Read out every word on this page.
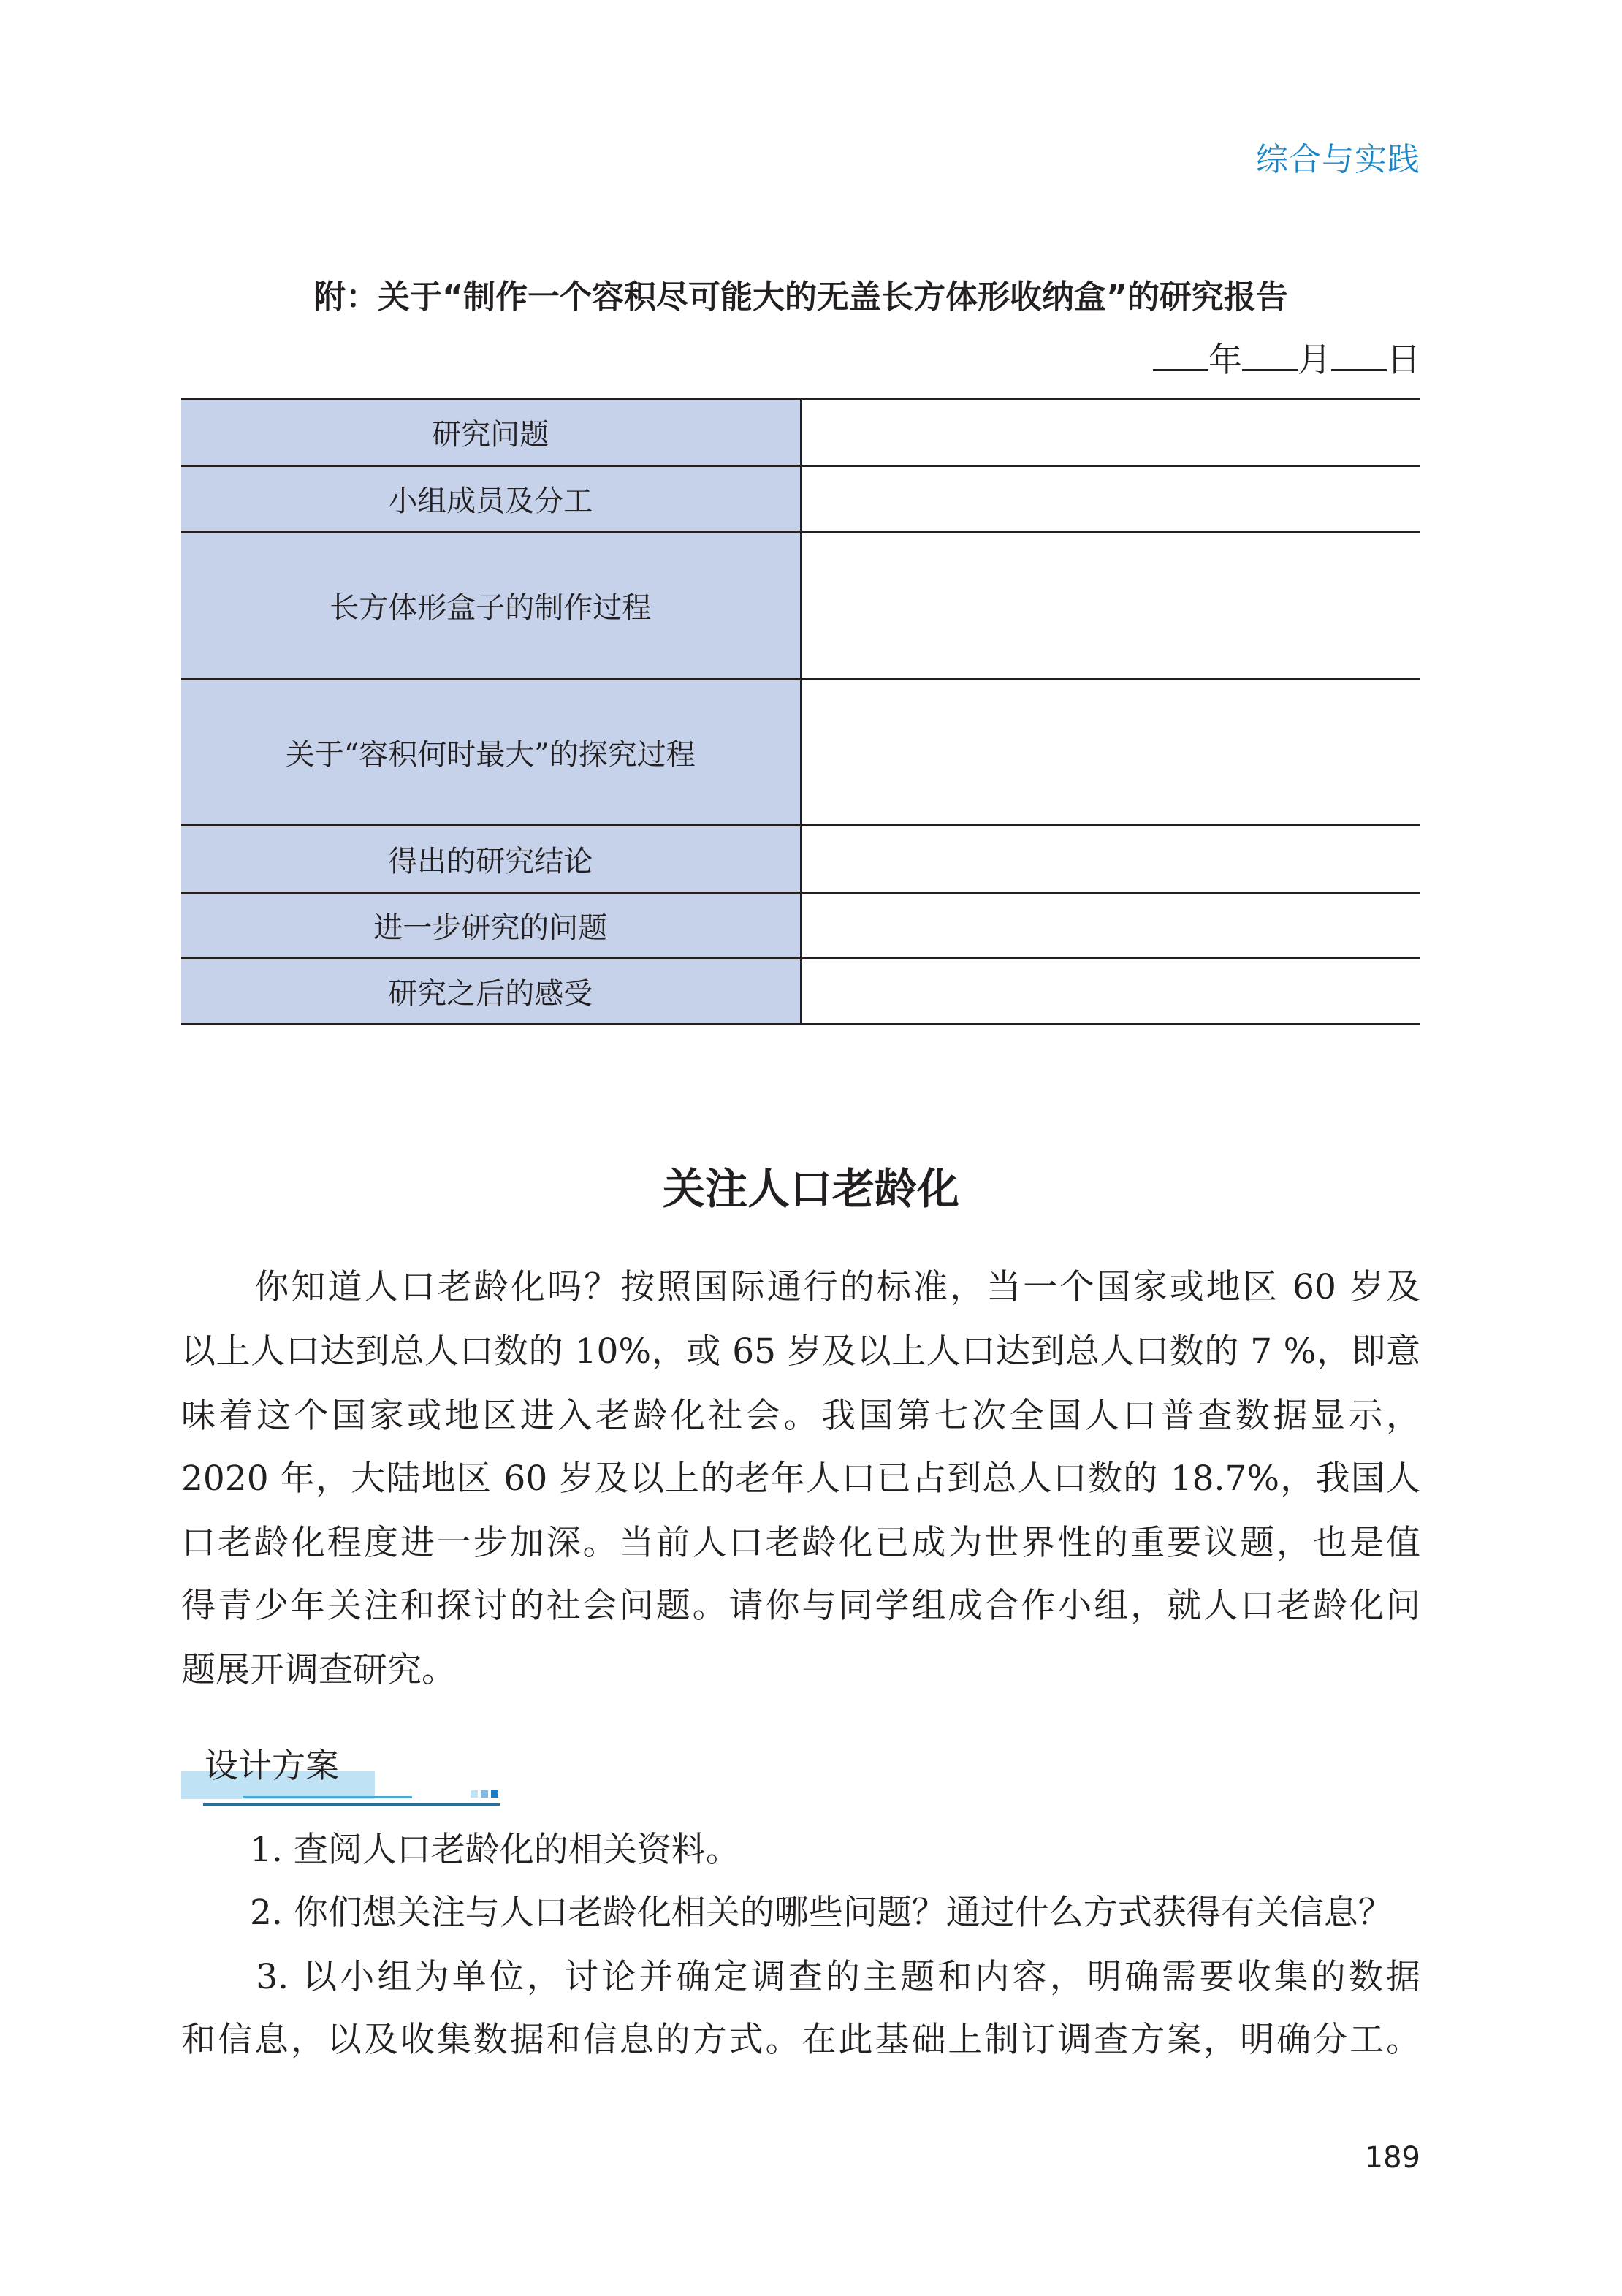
综合与实践
附：关于“制作一个容积尽可能大的无盖长方体形收纳盒”的研究报告
年 月 日
研究问题	
小组成员及分工	
长方体形盒子的制作过程	
关于“容积何时最大”的探究过程	
得出的研究结论	
进一步研究的问题	
研究之后的感受	
关注人口老龄化
　　你知道人口老龄化吗？按照国际通行的标准，当一个国家或地区 60 岁及
以上人口达到总人口数的 10%，或 65 岁及以上人口达到总人口数的 7 %，即意
味着这个国家或地区进入老龄化社会。我国第七次全国人口普查数据显示，
2020 年，大陆地区 60 岁及以上的老年人口已占到总人口数的 18.7%，我国人
口老龄化程度进一步加深。当前人口老龄化已成为世界性的重要议题，也是值
得青少年关注和探讨的社会问题。请你与同学组成合作小组，就人口老龄化问
题展开调查研究。
设计方案
　　1. 查阅人口老龄化的相关资料。
　　2. 你们想关注与人口老龄化相关的哪些问题？通过什么方式获得有关信息？
　　3. 以小组为单位，讨论并确定调查的主题和内容，明确需要收集的数据
和信息，以及收集数据和信息的方式。在此基础上制订调查方案，明确分工。
189
